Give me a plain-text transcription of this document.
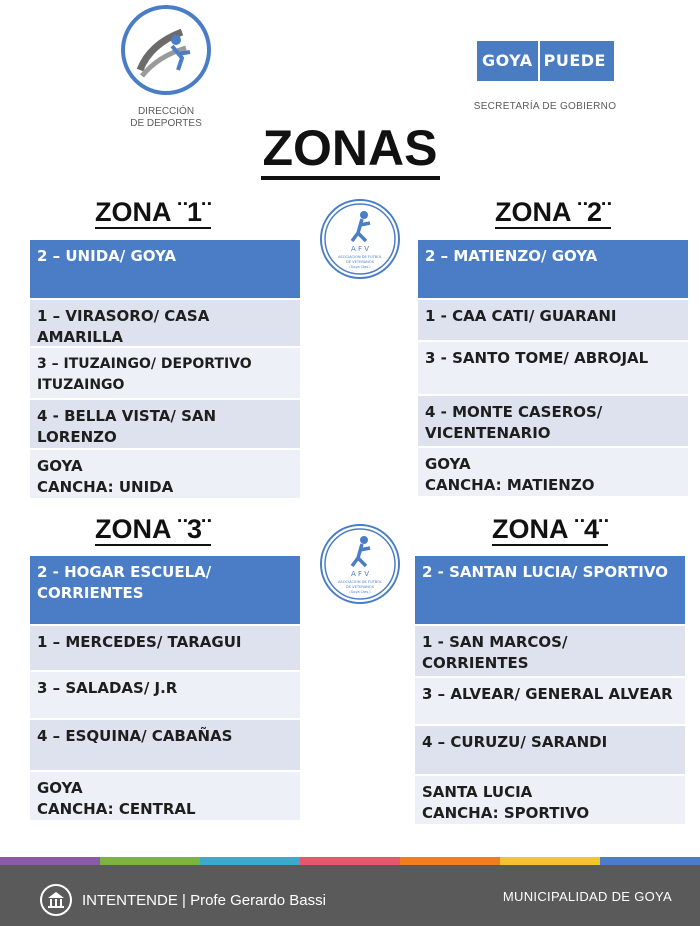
DIRECCIÓN
DE DEPORTES
GOYA PUEDE
SECRETARÍA DE GOBIERNO
ZONAS
A F V
ASOCIACION DE FUTBOL
DE VETERANOS
(Goya Ctes.)
A F V
ASOCIACION DE FUTBOL
DE VETERANOS
(Goya Ctes.)
ZONA ¨1¨
2 – UNIDA/ GOYA
1 – VIRASORO/ CASA AMARILLA
3 – ITUZAINGO/ DEPORTIVO ITUZAINGO
4 - BELLA VISTA/ SAN LORENZO
GOYA
CANCHA: UNIDA
ZONA ¨2¨
2 – MATIENZO/ GOYA
1 - CAA CATI/ GUARANI
3 - SANTO TOME/ ABROJAL
4 - MONTE CASEROS/ VICENTENARIO
GOYA
CANCHA: MATIENZO
ZONA ¨3¨
2 - HOGAR ESCUELA/ CORRIENTES
1 – MERCEDES/ TARAGUI
3 – SALADAS/ J.R
4 – ESQUINA/ CABAÑAS
GOYA
CANCHA: CENTRAL
ZONA ¨4¨
2 - SANTAN LUCIA/ SPORTIVO
1 - SAN MARCOS/ CORRIENTES
3 – ALVEAR/ GENERAL ALVEAR
4 – CURUZU/ SARANDI
SANTA LUCIA
CANCHA: SPORTIVO
INTENTENDE | Profe Gerardo Bassi	MUNICIPALIDAD DE GOYA
